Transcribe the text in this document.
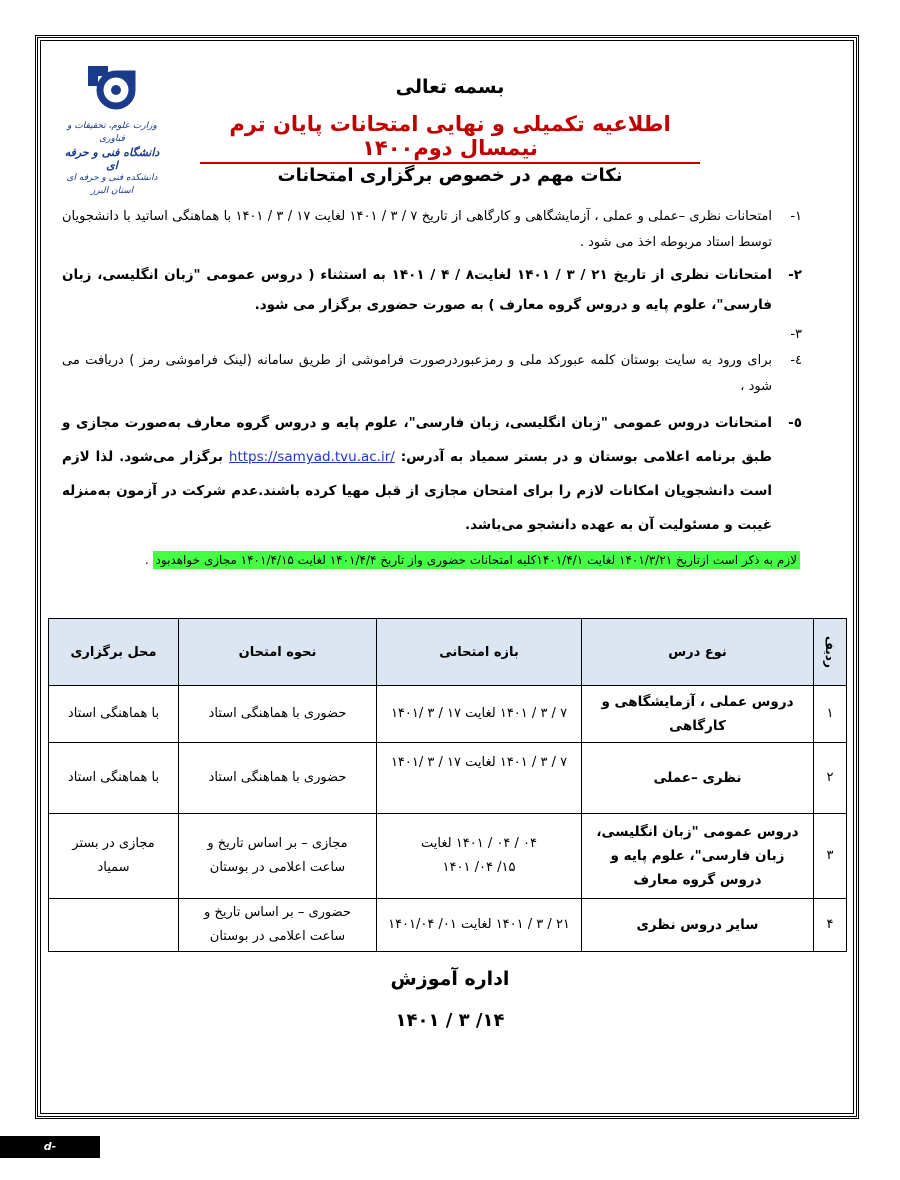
وزارت علوم، تحقیقات و فناوری
دانشگاه فنی و حرفه ای
دانشکده فنی و حرفه ای استان البرز
بسمه تعالی
اطلاعیه تکمیلی و نهایی امتحانات پایان ترم نیمسال دوم۱۴۰۰
نکات مهم در خصوص برگزاری امتحانات
۱-
امتحانات نظری –عملی و عملی ، آزمایشگاهی و کارگاهی از تاریخ ۷ / ۳ / ۱۴۰۱ لغایت ۱۷ / ۳ / ۱۴۰۱ با هماهنگی اساتید با دانشجویان توسط استاد مربوطه اخذ می شود .
۲-
امتحانات نظری از تاریخ ۲۱ / ۳ / ۱۴۰۱ لغایت۸ / ۴ / ۱۴۰۱ به استثناء ( دروس عمومی "زبان انگلیسی، زبان فارسی"، علوم پایه و دروس گروه معارف ) به صورت حضوری برگزار می شود.
۳-

٤-
برای ورود به سایت بوستان کلمه عبورکد ملی و رمزعبوردرصورت فراموشی از طریق سامانه (لینک فراموشی رمز ) دریافت می شود ،
٥-
امتحانات دروس عمومی "زبان انگلیسی، زبان فارسی"، علوم پایه و دروس گروه معارف به‌صورت مجازی و طبق برنامه اعلامی بوستان و در بستر سمیاد به آدرس: https://samyad.tvu.ac.ir/ برگزار می‌شود. لذا لازم است دانشجویان امکانات لازم را برای امتحان مجازی از قبل مهیا کرده باشند.عدم شرکت در آزمون به‌منزله غیبت و مسئولیت آن به عهده دانشجو می‌باشد.
لازم به ذکر است ازتاریخ ۱۴۰۱/۳/۲۱ لغایت ۱۴۰۱/۴/۱کلیه امتحانات حضوری واز تاریخ ۱۴۰۱/۴/۴ لغایت ۱۴۰۱/۴/۱۵ مجازی خواهدبود .
ردیف	نوع درس	بازه امتحانی	نحوه امتحان	محل برگزاری
۱	دروس عملی ، آزمایشگاهی و کارگاهی	۷ / ۳ / ۱۴۰۱ لغایت ۱۷ / ۳ /۱۴۰۱	حضوری با هماهنگی استاد	با هماهنگی استاد
۲	نظری –عملی	۷ / ۳ / ۱۴۰۱ لغایت ۱۷ / ۳ /۱۴۰۱	حضوری با هماهنگی استاد	با هماهنگی استاد
۳	دروس عمومی "زبان انگلیسی، زبان فارسی"، علوم پایه و دروس گروه معارف	۰۴ / ۰۴ / ۱۴۰۱ لغایت ۱۵/ ۰۴/ ۱۴۰۱	مجازی – بر اساس تاریخ و ساعت اعلامی در بوستان	مجازی در بستر سمیاد
۴	سایر دروس نظری	۲۱ / ۳ / ۱۴۰۱ لغایت ۰۱/ ۱۴۰۱/۰۴	حضوری – بر اساس تاریخ و ساعت اعلامی در بوستان	
اداره آموزش
۱۴/ ۳ / ۱۴۰۱
d-karaj.nus.ac.ir
